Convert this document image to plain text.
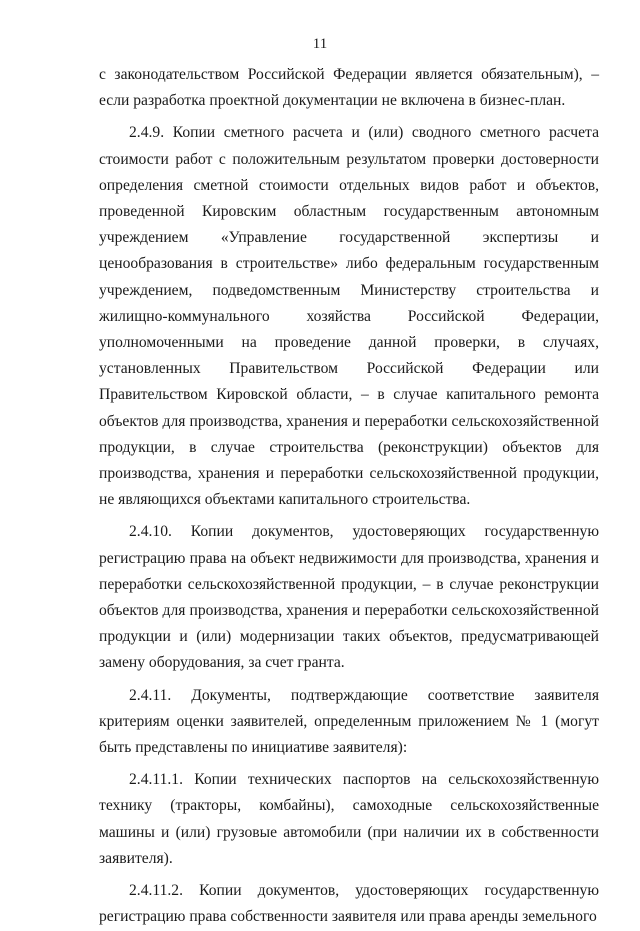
11

с законодательством Российской Федерации является обязательным), – если разработка проектной документации не включена в бизнес-план.

2.4.9. Копии сметного расчета и (или) сводного сметного расчета стоимости работ с положительным результатом проверки достоверности определения сметной стоимости отдельных видов работ и объектов, проведенной Кировским областным государственным автономным учреждением «Управление государственной экспертизы и ценообразования в строительстве» либо федеральным государственным учреждением, подведомственным Министерству строительства и жилищно-коммунального хозяйства Российской Федерации, уполномоченными на проведение данной проверки, в случаях, установленных Правительством Российской Федерации или Правительством Кировской области, – в случае капитального ремонта объектов для производства, хранения и переработки сельскохозяйственной продукции, в случае строительства (реконструкции) объектов для производства, хранения и переработки сельскохозяйственной продукции, не являющихся объектами капитального строительства.

2.4.10. Копии документов, удостоверяющих государственную регистрацию права на объект недвижимости для производства, хранения и переработки сельскохозяйственной продукции, – в случае реконструкции объектов для производства, хранения и переработки сельскохозяйственной продукции и (или) модернизации таких объектов, предусматривающей замену оборудования, за счет гранта.

2.4.11. Документы, подтверждающие соответствие заявителя критериям оценки заявителей, определенным приложением № 1 (могут быть представлены по инициативе заявителя):

2.4.11.1. Копии технических паспортов на сельскохозяйственную технику (тракторы, комбайны), самоходные сельскохозяйственные машины и (или) грузовые автомобили (при наличии их в собственности заявителя).

2.4.11.2. Копии документов, удостоверяющих государственную регистрацию права собственности заявителя или права аренды земельного
